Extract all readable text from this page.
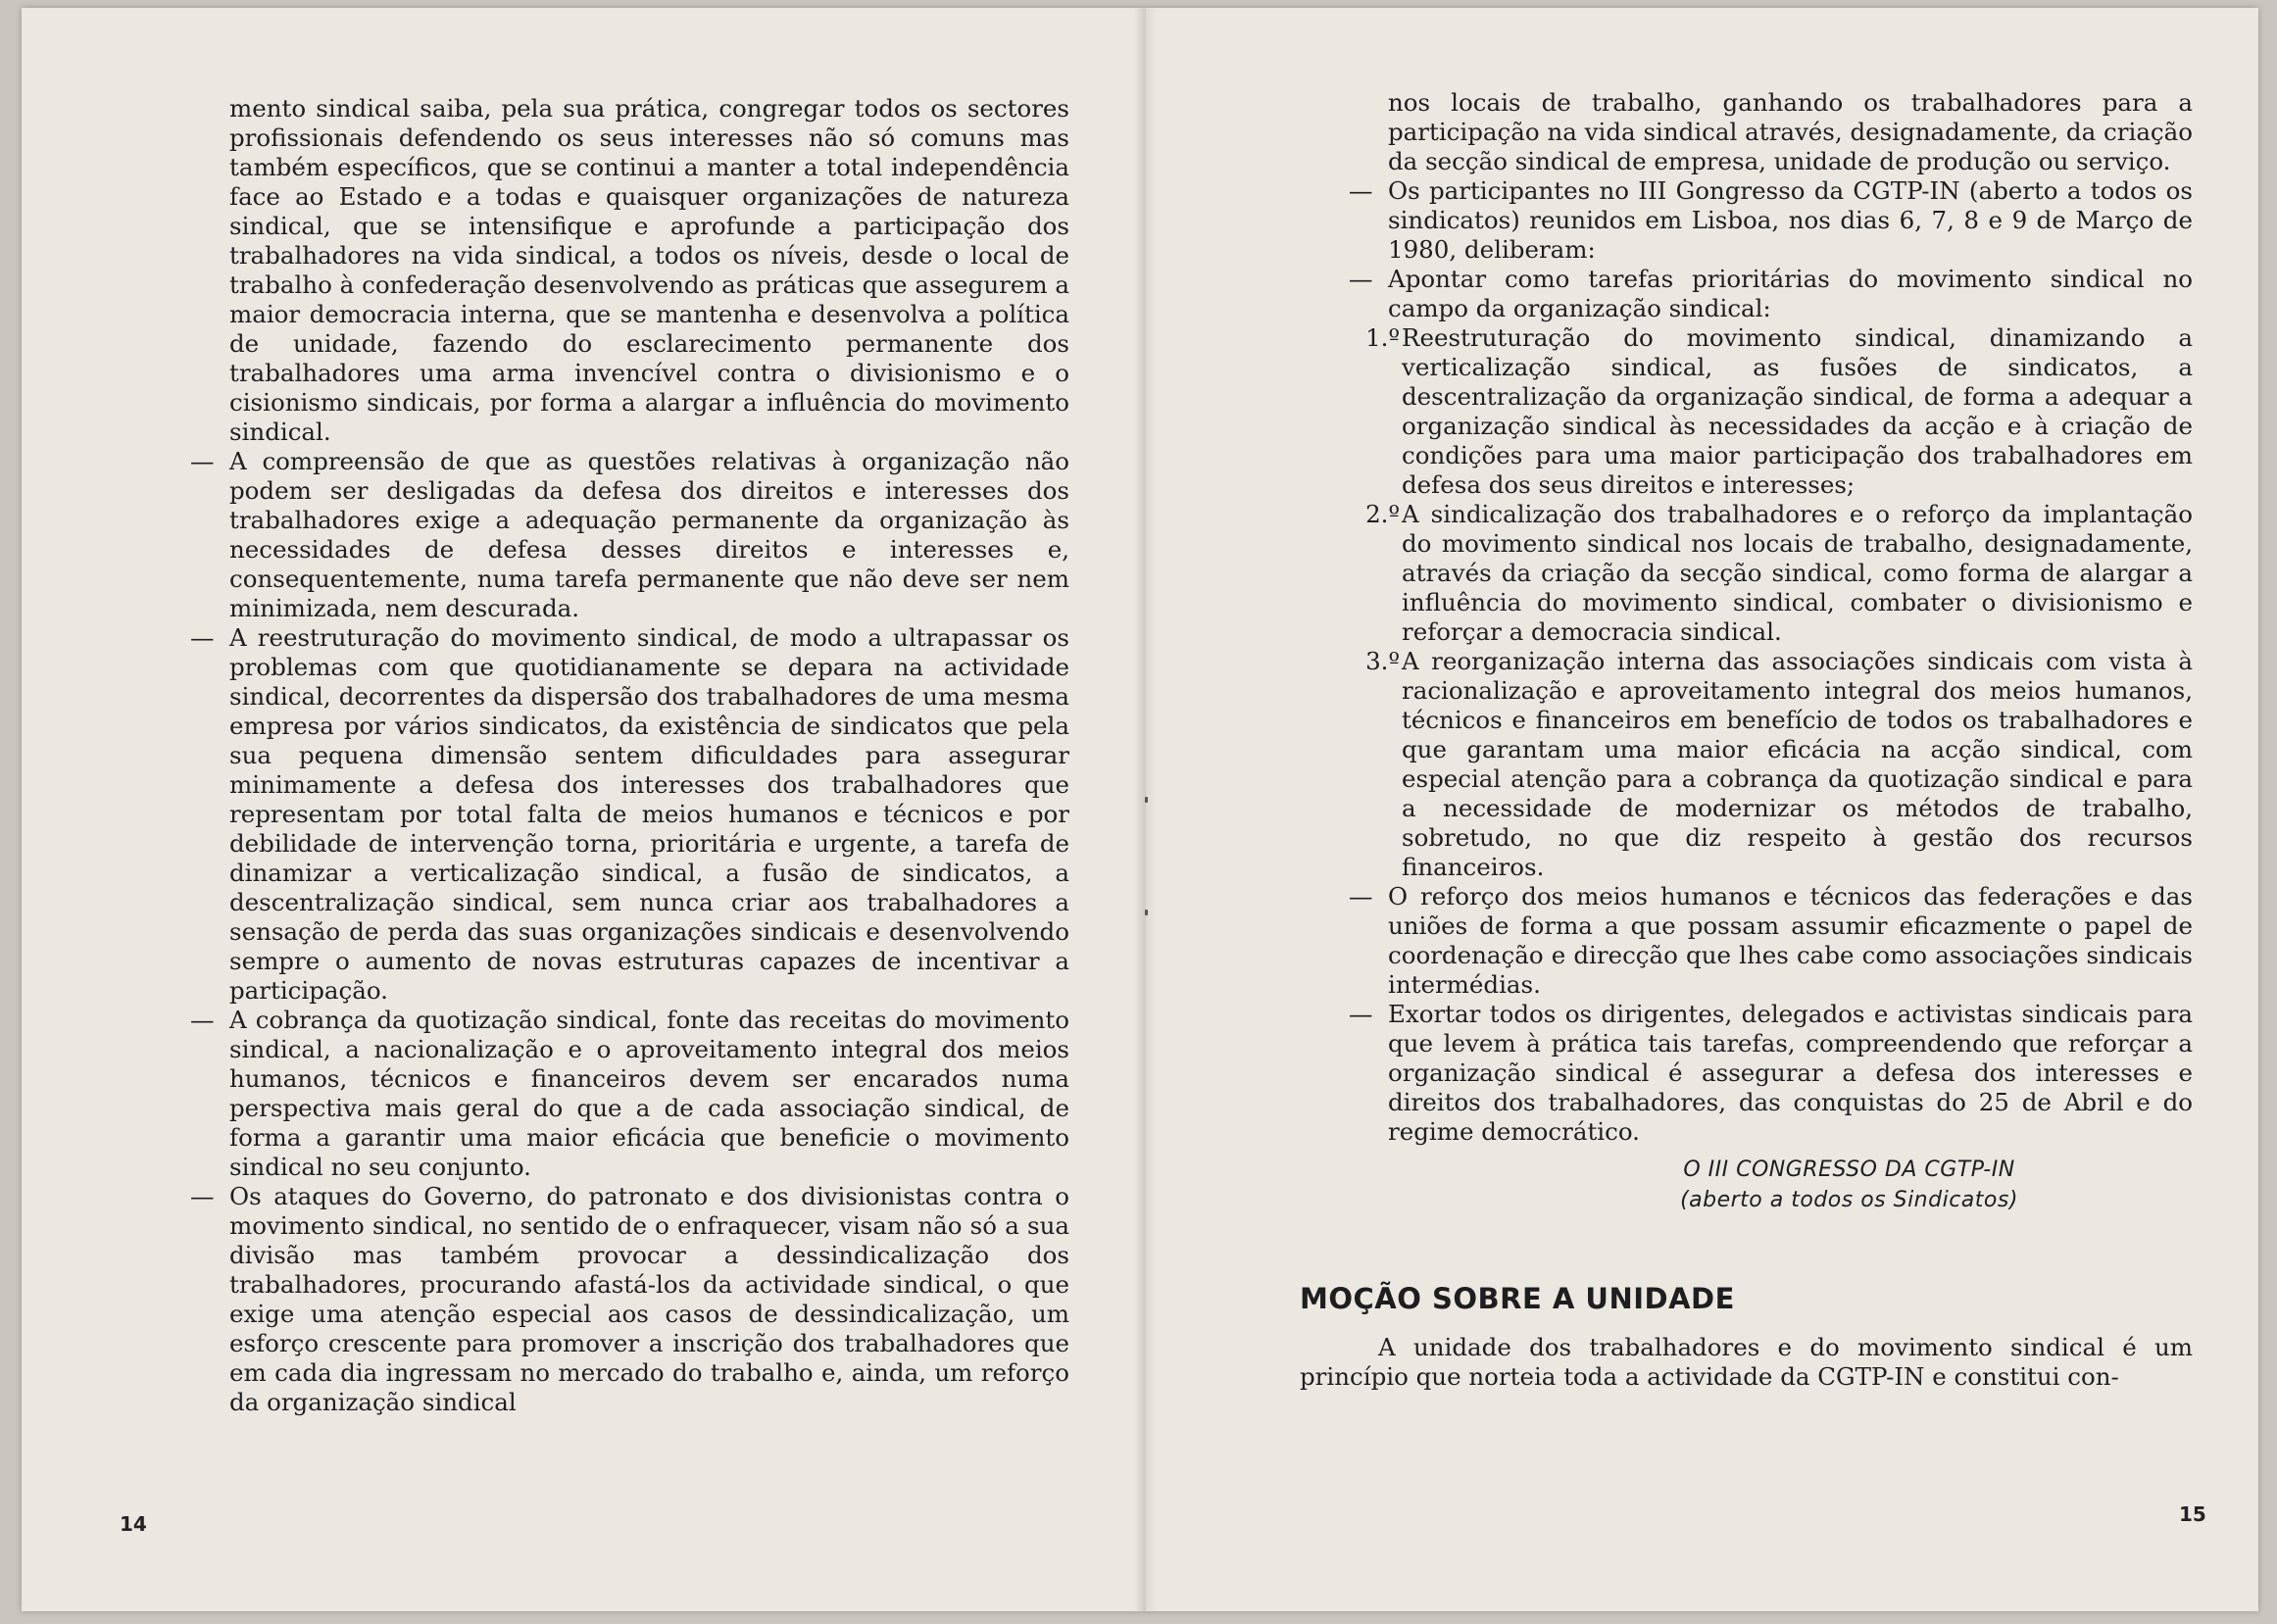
mento sindical saiba, pela sua prática, congregar todos os sectores profissionais defendendo os seus interesses não só comuns mas também específicos, que se continui a manter a total independência face ao Estado e a todas e quaisquer organizações de natureza sindical, que se intensifique e aprofunde a participação dos trabalhadores na vida sindical, a todos os níveis, desde o local de trabalho à confederação desenvolvendo as práticas que assegurem a maior democracia interna, que se mantenha e desenvolva a política de unidade, fazendo do esclarecimento permanente dos trabalhadores uma arma invencível contra o divisionismo e o cisionismo sindicais, por forma a alargar a influência do movimento sindical.

— A compreensão de que as questões relativas à organização não podem ser desligadas da defesa dos direitos e interesses dos trabalhadores exige a adequação permanente da organização às necessidades de defesa desses direitos e interesses e, consequentemente, numa tarefa permanente que não deve ser nem minimizada, nem descurada.
— A reestruturação do movimento sindical, de modo a ultrapassar os problemas com que quotidianamente se depara na actividade sindical, decorrentes da dispersão dos trabalhadores de uma mesma empresa por vários sindicatos, da existência de sindicatos que pela sua pequena dimensão sentem dificuldades para assegurar minimamente a defesa dos interesses dos trabalhadores que representam por total falta de meios humanos e técnicos e por debilidade de intervenção torna, prioritária e urgente, a tarefa de dinamizar a verticalização sindical, a fusão de sindicatos, a descentralização sindical, sem nunca criar aos trabalhadores a sensação de perda das suas organizações sindicais e desenvolvendo sempre o aumento de novas estruturas capazes de incentivar a participação.
— A cobrança da quotização sindical, fonte das receitas do movimento sindical, a nacionalização e o aproveitamento integral dos meios humanos, técnicos e financeiros devem ser encarados numa perspectiva mais geral do que a de cada associação sindical, de forma a garantir uma maior eficácia que beneficie o movimento sindical no seu conjunto.
— Os ataques do Governo, do patronato e dos divisionistas contra o movimento sindical, no sentido de o enfraquecer, visam não só a sua divisão mas também provocar a dessindicalização dos trabalhadores, procurando afastá-los da actividade sindical, o que exige uma atenção especial aos casos de dessindicalização, um esforço crescente para promover a inscrição dos trabalhadores que em cada dia ingressam no mercado do trabalho e, ainda, um reforço da organização sindical
14

nos locais de trabalho, ganhando os trabalhadores para a participação na vida sindical através, designadamente, da criação da secção sindical de empresa, unidade de produção ou serviço.

— Os participantes no III Gongresso da CGTP-IN (aberto a todos os sindicatos) reunidos em Lisboa, nos dias 6, 7, 8 e 9 de Março de 1980, deliberam:
— Apontar como tarefas prioritárias do movimento sindical no campo da organização sindical:
1.º Reestruturação do movimento sindical, dinamizando a verticalização sindical, as fusões de sindicatos, a descentralização da organização sindical, de forma a adequar a organização sindical às necessidades da acção e à criação de condições para uma maior participação dos trabalhadores em defesa dos seus direitos e interesses;
2.º A sindicalização dos trabalhadores e o reforço da implantação do movimento sindical nos locais de trabalho, designadamente, através da criação da secção sindical, como forma de alargar a influência do movimento sindical, combater o divisionismo e reforçar a democracia sindical.
3.º A reorganização interna das associações sindicais com vista à racionalização e aproveitamento integral dos meios humanos, técnicos e financeiros em benefício de todos os trabalhadores e que garantam uma maior eficácia na acção sindical, com especial atenção para a cobrança da quotização sindical e para a necessidade de modernizar os métodos de trabalho, sobretudo, no que diz respeito à gestão dos recursos financeiros.
— O reforço dos meios humanos e técnicos das federações e das uniões de forma a que possam assumir eficazmente o papel de coordenação e direcção que lhes cabe como associações sindicais intermédias.
— Exortar todos os dirigentes, delegados e activistas sindicais para que levem à prática tais tarefas, compreendendo que reforçar a organização sindical é assegurar a defesa dos interesses e direitos dos trabalhadores, das conquistas do 25 de Abril e do regime democrático.
O III CONGRESSO DA CGTP-IN
(aberto a todos os Sindicatos)
MOÇÃO SOBRE A UNIDADE

A unidade dos trabalhadores e do movimento sindical é um princípio que norteia toda a actividade da CGTP-IN e constitui con-

15
